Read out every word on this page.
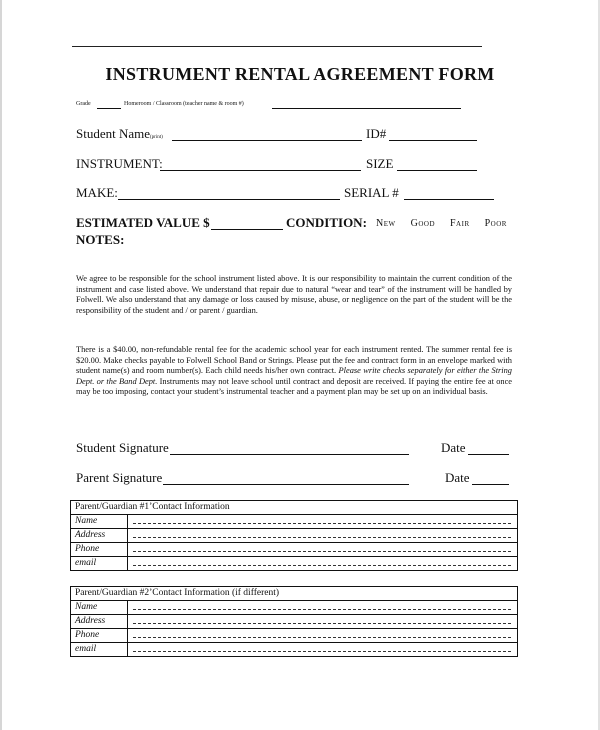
INSTRUMENT RENTAL AGREEMENT FORM
Grade	Homeroom / Classroom (teacher name & room #)
Student Name(print)	ID#
INSTRUMENT:	SIZE
MAKE:	SERIAL #
ESTIMATED VALUE $	CONDITION: New Good Fair Poor
NOTES:
We agree to be responsible for the school instrument listed above. It is our responsibility to maintain the current condition of the instrument and case listed above. We understand that repair due to natural “wear and tear” of the instrument will be handled by Folwell. We also understand that any damage or loss caused by misuse, abuse, or negligence on the part of the student will be the responsibility of the student and / or parent / guardian.
There is a $40.00, non-refundable rental fee for the academic school year for each instrument rented. The summer rental fee is $20.00. Make checks payable to Folwell School Band or Strings. Please put the fee and contract form in an envelope marked with student name(s) and room number(s). Each child needs his/her own contract. Please write checks separately for either the String Dept. or the Band Dept. Instruments may not leave school until contract and deposit are received. If paying the entire fee at once may be too imposing, contact your student’s instrumental teacher and a payment plan may be set up on an individual basis.
Student Signature	Date
Parent Signature	Date
Parent/Guardian #1’Contact Information
Name
Address
Phone
email
Parent/Guardian #2’Contact Information (if different)
Name
Address
Phone
email
